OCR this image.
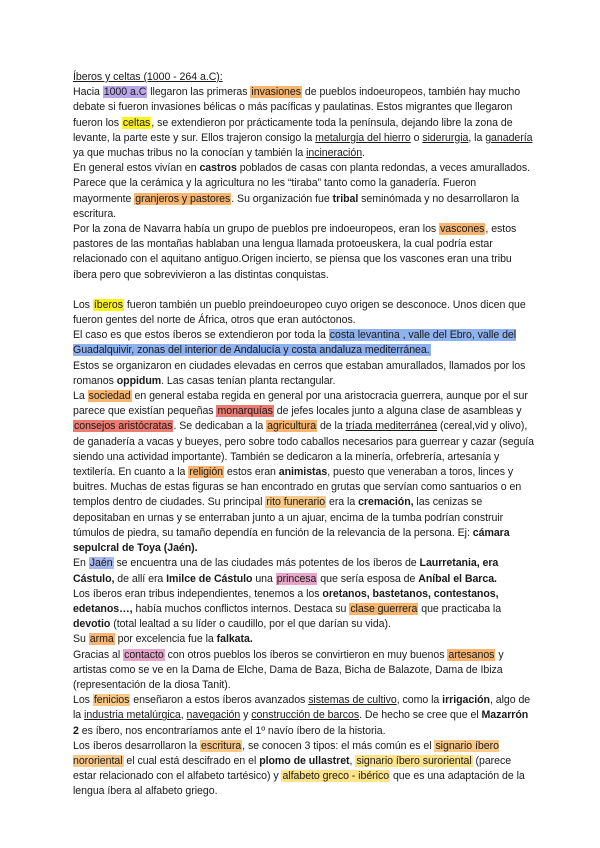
Íberos y celtas (1000 - 264 a.C):

Hacia 1000 a.C llegaron las primeras invasiones de pueblos indoeuropeos, también hay mucho debate si fueron invasiones bélicas o más pacíficas y paulatinas. Estos migrantes que llegaron fueron los celtas, se extendieron por prácticamente toda la península, dejando libre la zona de levante, la parte este y sur. Ellos trajeron consigo la metalurgia del hierro o siderurgia, la ganadería ya que muchas tribus no la conocían y también la incineración.

En general estos vivían en castros poblados de casas con planta redondas, a veces amurallados. Parece que la cerámica y la agricultura no les “tiraba” tanto como la ganadería. Fueron mayormente granjeros y pastores. Su organización fue tribal seminómada y no desarrollaron la escritura.

Por la zona de Navarra había un grupo de pueblos pre indoeuropeos, eran los vascones, estos pastores de las montañas hablaban una lengua llamada protoeuskera, la cual podría estar relacionado con el aquitano antiguo.Origen incierto, se piensa que los vascones eran una tribu íbera pero que sobrevivieron a las distintas conquistas.

Los íberos fueron también un pueblo preindoeuropeo cuyo origen se desconoce. Unos dicen que fueron gentes del norte de África, otros que eran autóctonos.

El caso es que estos íberos se extendieron por toda la costa levantina , valle del Ebro, valle del Guadalquivir, zonas del interior de Andalucía y costa andaluza mediterránea.

Estos se organizaron en ciudades elevadas en cerros que estaban amurallados, llamados por los romanos oppidum. Las casas tenían planta rectangular.

La sociedad en general estaba regida en general por una aristocracia guerrera, aunque por el sur parece que existían pequeñas monarquías de jefes locales junto a alguna clase de asambleas y consejos aristócratas. Se dedicaban a la agricultura de la tríada mediterránea (cereal,vid y olivo), de ganadería a vacas y bueyes, pero sobre todo caballos necesarios para guerrear y cazar (seguía siendo una actividad importante). También se dedicaron a la minería, orfebrería, artesanía y textilería. En cuanto a la religión estos eran animistas, puesto que veneraban a toros, linces y buitres. Muchas de estas figuras se han encontrado en grutas que servían como santuarios o en templos dentro de ciudades. Su principal rito funerario era la cremación, las cenizas se depositaban en urnas y se enterraban junto a un ajuar, encima de la tumba podrían construir túmulos de piedra, su tamaño dependía en función de la relevancia de la persona. Ej: cámara sepulcral de Toya (Jaén).

En Jaén se encuentra una de las ciudades más potentes de los íberos de Laurretania, era Cástulo, de allí era Imilce de Cástulo una princesa que sería esposa de Aníbal el Barca.

Los íberos eran tribus independientes, tenemos a los oretanos, bastetanos, contestanos, edetanos…, había muchos conflictos internos. Destaca su clase guerrera que practicaba la devotio (total lealtad a su líder o caudillo, por el que darían su vida).

Su arma por excelencia fue la falkata.

Gracias al contacto con otros pueblos los íberos se convirtieron en muy buenos artesanos y artistas como se ve en la Dama de Elche, Dama de Baza, Bicha de Balazote, Dama de Ibiza (representación de la diosa Tanit).

Los fenicios enseñaron a estos íberos avanzados sistemas de cultivo, como la irrigación, algo de la industria metalúrgica, navegación y construcción de barcos. De hecho se cree que el Mazarrón 2 es íbero, nos encontraríamos ante el 1º navío íbero de la historia.

Los íberos desarrollaron la escritura, se conocen 3 tipos: el más común es el signario íbero nororiental el cual está descifrado en el plomo de ullastret, signario íbero suroriental (parece estar relacionado con el alfabeto tartésico) y alfabeto greco - ibérico que es una adaptación de la lengua íbera al alfabeto griego.
